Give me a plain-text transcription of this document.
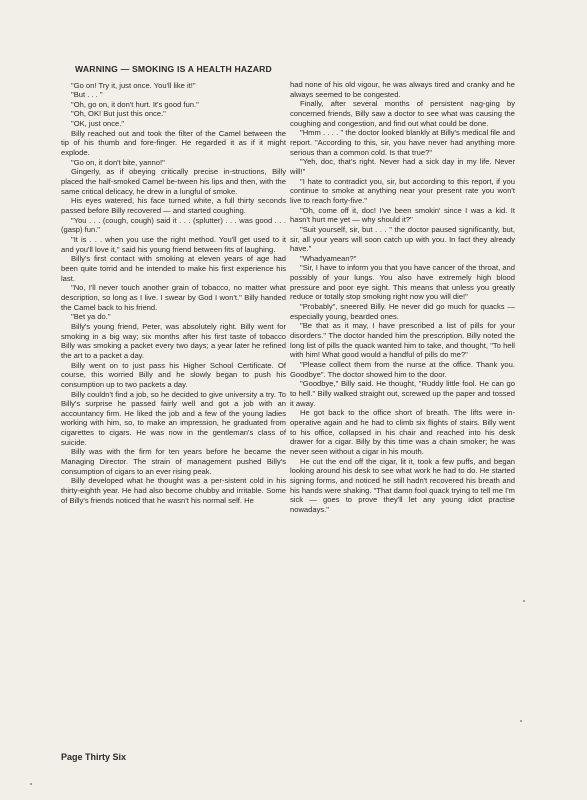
WARNING — SMOKING IS A HEALTH HAZARD

"Go on! Try it, just once. You'll like it!"

"But . . . "

"Oh, go on, it don't hurt. It's good fun."

"Oh, OK! But just this once."

"OK, just once."

Billy reached out and took the filter of the Camel between the tip of his thumb and fore-finger. He regarded it as if it might explode.

"Go on, it don't bite, yanno!"

Gingerly, as if obeying critically precise in-structions, Billy placed the half-smoked Camel be-tween his lips and then, with the same critical delicacy, he drew in a lungful of smoke.

His eyes watered, his face turned white, a full thirty seconds passed before Billy recovered — and started coughing.

"You . . . (cough, cough) said it . . . (splutter) . . . was good . . . (gasp) fun."

"It is . . . when you use the right method. You'll get used to it and you'll love it," said his young friend between fits of laughing.

Billy's first contact with smoking at eleven years of age had been quite torrid and he intended to make his first experience his last.

"No, I'll never touch another grain of tobacco, no matter what description, so long as I live. I swear by God I won't." Billy handed the Camel back to his friend.

"Bet ya do."

Billy's young friend, Peter, was absolutely right. Billy went for smoking in a big way; six months after his first taste of tobacco Billy was smoking a packet every two days; a year later he refined the art to a packet a day.

Billy went on to just pass his Higher School Certificate. Of course, this worried Billy and he slowly began to push his consumption up to two packets a day.

Billy couldn't find a job, so he decided to give university a try. To Billy's surprise he passed fairly well and got a job with an accountancy firm. He liked the job and a few of the young ladies working with him, so, to make an impression, he graduated from cigarettes to cigars. He was now in the gentleman's class of suicide.

Billy was with the firm for ten years before he became the Managing Director. The strain of management pushed Billy's consumption of cigars to an ever rising peak.

Billy developed what he thought was a per-sistent cold in his thirty-eighth year. He had also become chubby and irritable. Some of Billy's friends noticed that he wasn't his normal self. He

had none of his old vigour, he was always tired and cranky and he always seemed to be congested.

Finally, after several months of persistent nag-ging by concerned friends, Billy saw a doctor to see what was causing the coughing and congestion, and find out what could be done.

"Hmm . . . . " the doctor looked blankly at Billy's medical file and report. "According to this, sir, you have never had anything more serious than a common cold. Is that true?"

"Yeh, doc, that's right. Never had a sick day in my life. Never will!"

"I hate to contradict you, sir, but according to this report, if you continue to smoke at anything near your present rate you won't live to reach forty-five."

"Oh, come off it, doc! I've been smokin' since I was a kid. It hasn't hurt me yet — why should it?"

"Suit yourself, sir, but . . . " the doctor paused significantly, but, sir, all your years will soon catch up with you. In fact they already have."

"Whadyamean?"

"Sir, I have to inform you that you have cancer of the throat, and possibly of your lungs. You also have extremely high blood pressure and poor eye sight. This means that unless you greatly reduce or totally stop smoking right now you will die!"

"Probably", sneered Billy. He never did go much for quacks — especially young, bearded ones.

"Be that as it may, I have prescribed a list of pills for your disorders." The doctor handed him the prescription. Billy noted the long list of pills the quack wanted him to take, and thought, "To hell with him! What good would a handful of pills do me?"

"Please collect them from the nurse at the office. Thank you. Goodbye". The doctor showed him to the door.

"Goodbye," Billy said. He thought, "Ruddy little fool. He can go to hell." Billy walked straight out, screwed up the paper and tossed it away.

He got back to the office short of breath. The lifts were in-operative again and he had to climb six flights of stairs. Billy went to his office, collapsed in his chair and reached into his desk drawer for a cigar. Billy by this time was a chain smoker; he was never seen without a cigar in his mouth.

He cut the end off the cigar, lit it, took a few puffs, and began looking around his desk to see what work he had to do. He started signing forms, and noticed he still hadn't recovered his breath and his hands were shaking. "That damn fool quack trying to tell me I'm sick — goes to prove they'll let any young idiot practise nowadays."

Page Thirty Six
